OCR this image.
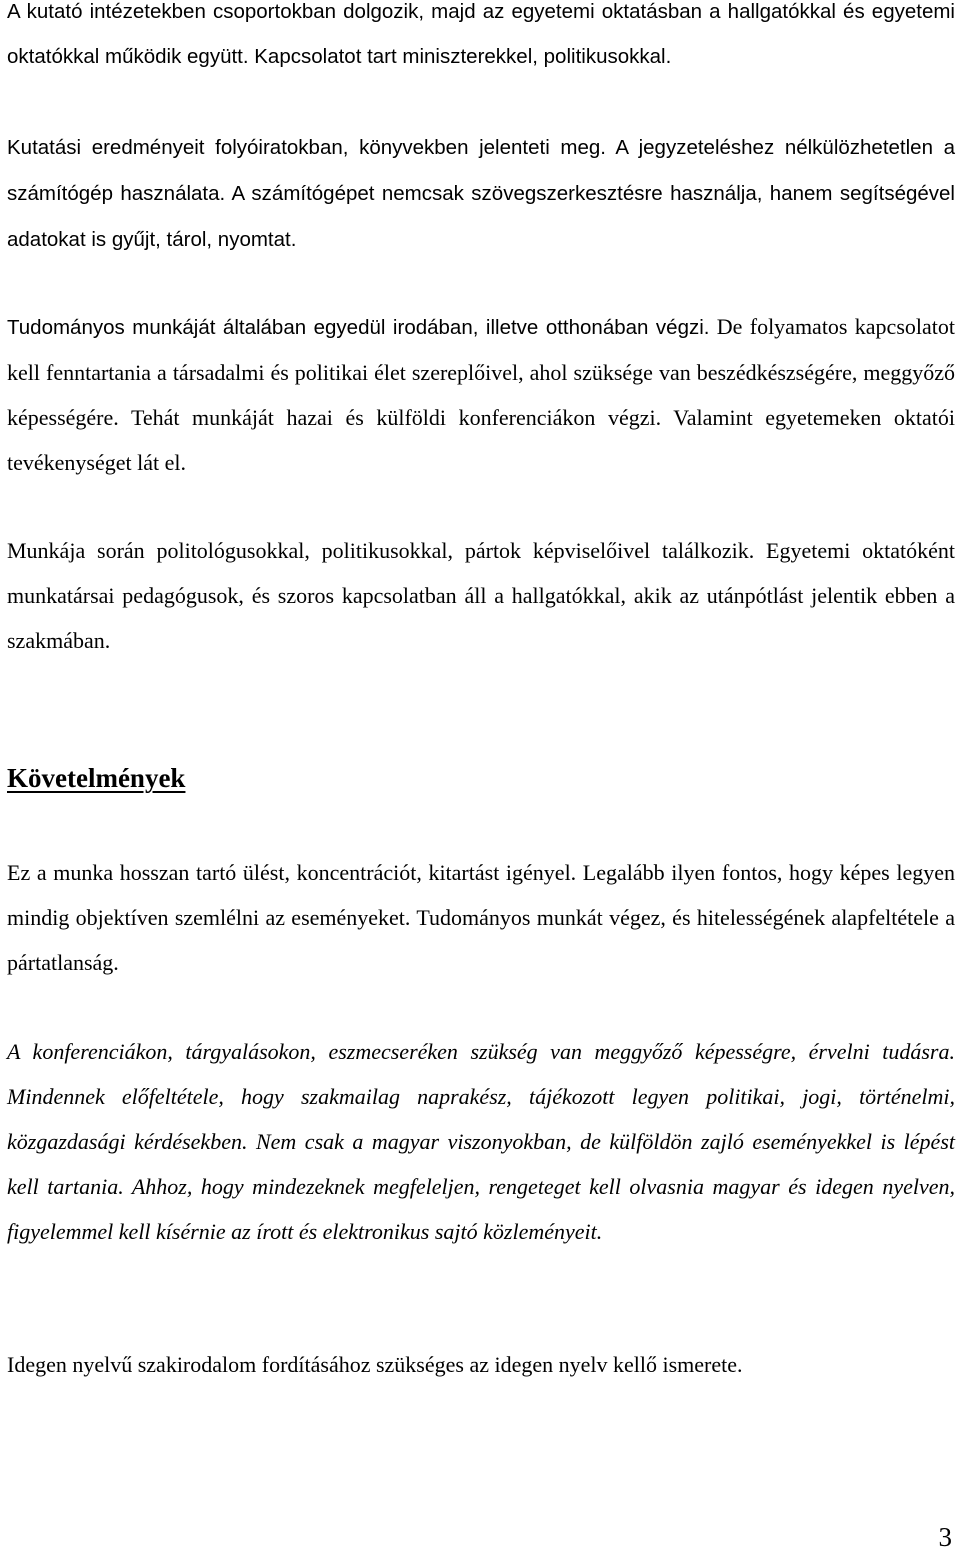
A kutató intézetekben csoportokban dolgozik, majd az egyetemi oktatásban a hallgatókkal és egyetemi oktatókkal működik együtt. Kapcsolatot tart miniszterekkel, politikusokkal.

Kutatási eredményeit folyóiratokban, könyvekben jelenteti meg. A jegyzeteléshez nélkülözhetetlen a számítógép használata. A számítógépet nemcsak szövegszerkesztésre használja, hanem segítségével adatokat is gyűjt, tárol, nyomtat.

Tudományos munkáját általában egyedül irodában, illetve otthonában végzi. De folyamatos kapcsolatot kell fenntartania a társadalmi és politikai élet szereplőivel, ahol szüksége van beszédkészségére, meggyőző képességére. Tehát munkáját hazai és külföldi konferenciákon végzi. Valamint egyetemeken oktatói tevékenységet lát el.

Munkája során politológusokkal, politikusokkal, pártok képviselőivel találkozik. Egyetemi oktatóként munkatársai pedagógusok, és szoros kapcsolatban áll a hallgatókkal, akik az utánpótlást jelentik ebben a szakmában.

Követelmények

Ez a munka hosszan tartó ülést, koncentrációt, kitartást igényel. Legalább ilyen fontos, hogy képes legyen mindig objektíven szemlélni az eseményeket. Tudományos munkát végez, és hitelességének alapfeltétele a pártatlanság.

A konferenciákon, tárgyalásokon, eszmecseréken szükség van meggyőző képességre, érvelni tudásra. Mindennek előfeltétele, hogy szakmailag naprakész, tájékozott legyen politikai, jogi, történelmi, közgazdasági kérdésekben. Nem csak a magyar viszonyokban, de külföldön zajló eseményekkel is lépést kell tartania. Ahhoz, hogy mindezeknek megfeleljen, rengeteget kell olvasnia magyar és idegen nyelven, figyelemmel kell kísérnie az írott és elektronikus sajtó közleményeit.

Idegen nyelvű szakirodalom fordításához szükséges az idegen nyelv kellő ismerete.

3
